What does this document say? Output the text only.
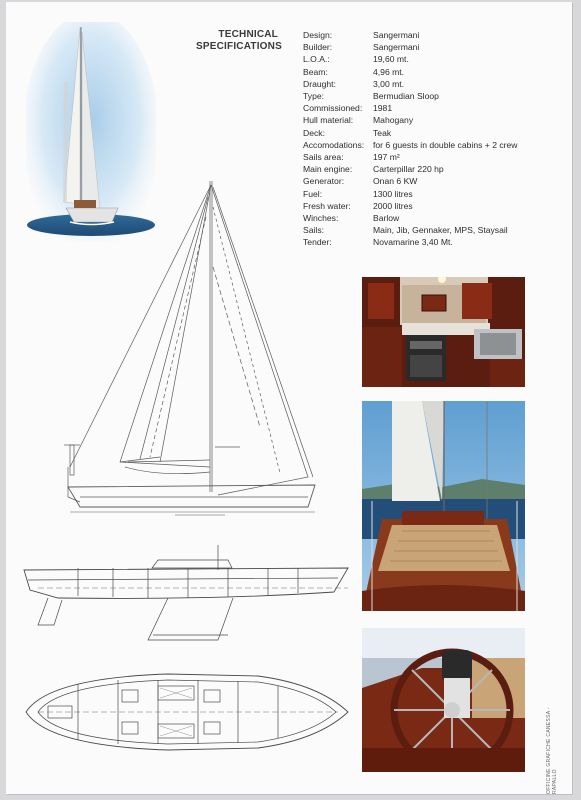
TECHNICAL
SPECIFICATIONS
Design:	Sangermani
Builder:	Sangermani
L.O.A.:	19,60 mt.
Beam:	4,96 mt.
Draught:	3,00 mt.
Type:	Bermudian Sloop
Commissioned:	1981
Hull material:	Mahogany
Deck:	Teak
Accomodations:	for 6 guests in double cabins + 2 crew
Sails area:	197 m²
Main engine:	Carterpillar 220 hp
Generator:	Onan 6 KW
Fuel:	1300 litres
Fresh water:	2000 litres
Winches:	Barlow
Sails:	Main, Jib, Gennaker, MPS, Staysail
Tender:	Novamarine 3,40 Mt.
OFFICINE GRAFICHE CANESSA - RAPALLO
